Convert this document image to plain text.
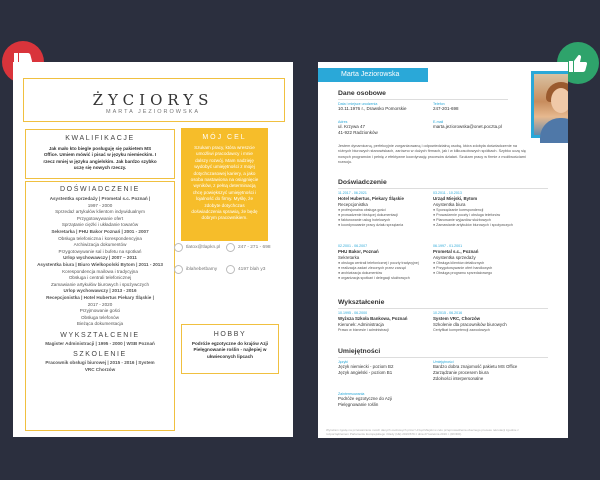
ŻYCIORYS
MARTA JEZIOROWSKA
KWALIFIKACJE
Jak mało kto biegle posługuję się pakietem MS
Office. Umiem mówić i pisać w języku niemieckim. I
rzecz mniej w języku angielskim. Jak bardzo szybko
uczę się nowych rzeczy.
MÓJ CEL
Szukam pracy, która wreszcie
umożliwi pracodawcy i mnie
dalszy rozwój. Mam nadzieję
wydobyć umiejętności z mojej
dotychczasowej kariery, a jako
osoba nastawiona na osiągnięcie
wyników, z pełną determinacją
chcę powiększyć umiejętności i
lojalność do firmy. Myślę, że
zdobyte dotychczas
doświadczenia sprawią, że będę
dobrym pracownikiem.
DOŚWIADCZENIE
Asystentka sprzedaży | Prometal s.c. Poznań |
1997 - 2000
Sprzedaż artykułów klientom indywidualnym
Przygotowywanie ofert
Sprzątanie ciężki i układanie towarów
Sekretarka | PHU Bakor Poznań | 2001 - 2007
Obsługa telefoniczna i korespondencyjna
Archiwizacja dokumentów
Przygotowywanie sal i bufetu na spotkań
Urlop wychowawczy | 2007 – 2011
Asystentka biura | Biuro Wielkopolski Bytom | 2011 - 2013
Korespondencja mailowa i tradycyjna
Obsługa i centrali telefonicznej
Zamawianie artykułów biurowych i spożywczych
Urlop wychowawczy | 2013 - 2016
Recepcjonistka | Hotel Hubertus Piekary Śląskie |
2017 - 2020
Przyjmowanie gości
Obsługa telefonów
Bieżąca dokumentacja
WYKSZTAŁCENIE
Magister Administracji | 1995 - 2000 | WSB Poznań
SZKOLENIE
Pracownik obsługi biurowej | 2015 - 2016 | System
VRC Chorzów
tlatox@tlapkn.pl	247 - 271 - 698
iblahebetbamy	4197 blah y3
HOBBY
Podróże egzotyczne do krajów Azji
Pielęgnowanie roślin - najlepiej w
ukwieconych lipcach
Marta Jeziorowska
Dane osobowe
Data i miejsce urodzenia
10.11.1976 r., Drawsko Pomorskie
Telefon
247-201-698
Adres
ul. Krzywa 47
41-922 Radzionków
E-mail
marta.jeziorowska@onet.poczta.pl
Jestem dynamiczną, perfekcyjnie zorganizowaną i odpowiedzialną osobą, która zdobyła doświadczenie na
różnych biurowych stanowiskach, zarówno w dużych firmach, jak i w kilkuosobowych spółkach. Szybko uczę się
nowych programów i pełnię z efektywne koordynację procesów działań. Szukam pracy w firmie z możliwościami
rozwoju.
Doświadczenie
11.2017 - 06.2021
Hotel Hubertus, Piekary Śląskie
Recepcjonistka
● profesjonalna obsługa gości
● prowadzenie bieżącej dokumentacji
● fakturowanie usług hotelowych
● koordynowanie pracy działu sprzątania
03.2011 - 10.2013
Urząd Miejski, Bytom
Asystentka biura
● Sporządzanie korespondencji
● Prowadzenie poczty i obsługa telefonów
● Planowanie wyjazdów służbowych
● Zamawianie artykułów biurowych i spożywczych
02.2001 - 06.2007
PHU Bakor, Poznań
Sekretarka
● obsługa centrali telefonicznej i poczty tradycyjnej
● realizacja zadań zleconych przez zarząd
● archiwizacja dokumentów
● organizacja spotkań i delegacji służbowych
06.1997 - 01.2001
Prometal s.c., Poznań
Asystentka sprzedaży
● Obsługa klientów detalicznych
● Przygotowywanie ofert handlowych
● Obsługa programu sprzedażowego
Wykształcenie
10.1995 - 06.2000
Wyższa Szkoła Bankowa, Poznań
Kierunek: Administracja
Prawo w biznesie i administracji
10.2015 - 06.2016
System VRC, Chorzów
Szkolenie dla pracowników biurowych
Certyfikat kompetencji zawodowych
Umiejętności
Języki
Język niemiecki - poziom B2
Język angielski - poziom B1
Umiejętności
Bardzo dobra znajomość pakietu MS Office
Zarządzanie procesem biura
Zdolności interpersonalne
Zainteresowania
Podróże egzotyczne do Azji
Pielęgnowanie roślin
Wyrażam zgodę na przetwarzanie moich danych osobowych przez Urząd Miejski w celu przeprowadzenia obecnego procesu rekrutacji zgodnie z
rozporządzeniem Parlamentu Europejskiego i Rady (UE) 2016/679 z dnia 27 kwietnia 2016 r. (RODO).
